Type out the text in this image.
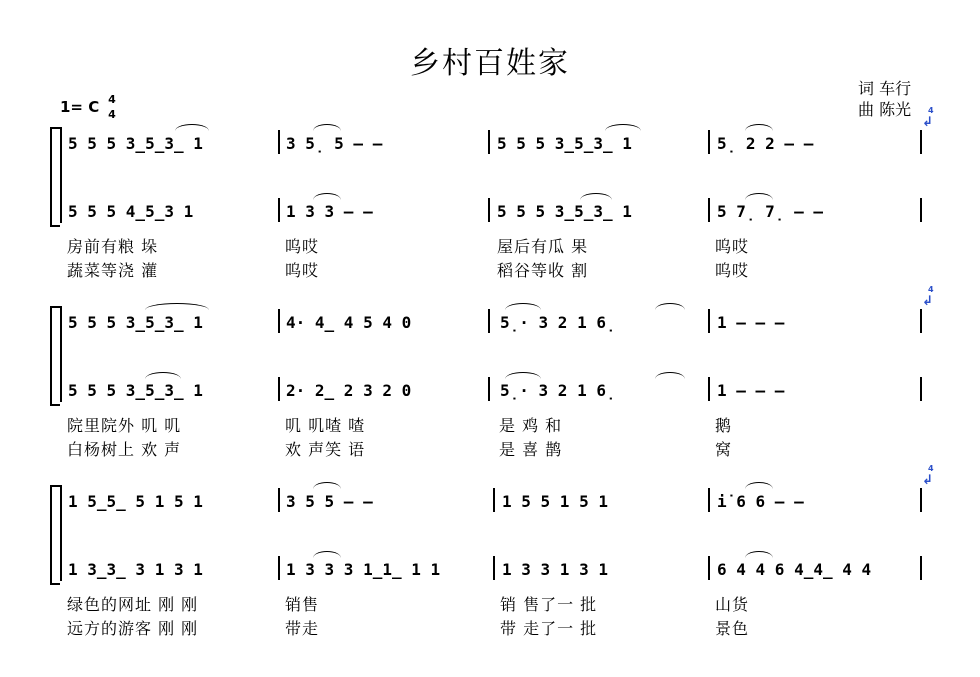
乡村百姓家
词 车行
曲 陈光
1= C 4
4	4
↲
5 5 5 3̲5̲3̲ 1	3 5̣ 5 – –	5 5 5 3̲5̲3̲ 1	5̣ 2 2 – –
5 5 5 4̲5̲3 1	1 3 3 – –	5 5 5 3̲5̲3̲ 1	5 7̣ 7̣ – –
房前有粮 垛	呜哎	屋后有瓜 果	呜哎
蔬菜等浇 灌	呜哎	稻谷等收 割	呜哎
4
↲
5 5 5 3̲5̲3̲ 1	4· 4̲ 4 5 4 0	5̣· 3 2 1 6̣	1 – – –
5 5 5 3̲5̲3̲ 1	2· 2̲ 2 3 2 0	5̣· 3 2 1 6̣	1 – – –
院里院外 叽 叽	叽 叽喳 喳	是 鸡 和	鹅
白杨树上 欢 声	欢 声笑 语	是 喜 鹊	窝
4
↲
1 5̲5̲ 5 1 5 1	3 5 5 – –	1 5 5 1 5 1	i̇ 6 6 – –
1 3̲3̲ 3 1 3 1	1 3 3 3 1̲1̲ 1 1	1 3 3 1 3 1	6 4 4 6 4̲4̲ 4 4
绿色的网址 刚 刚	销售	销 售了一 批	山货
远方的游客 刚 刚	带走	带 走了一 批	景色
